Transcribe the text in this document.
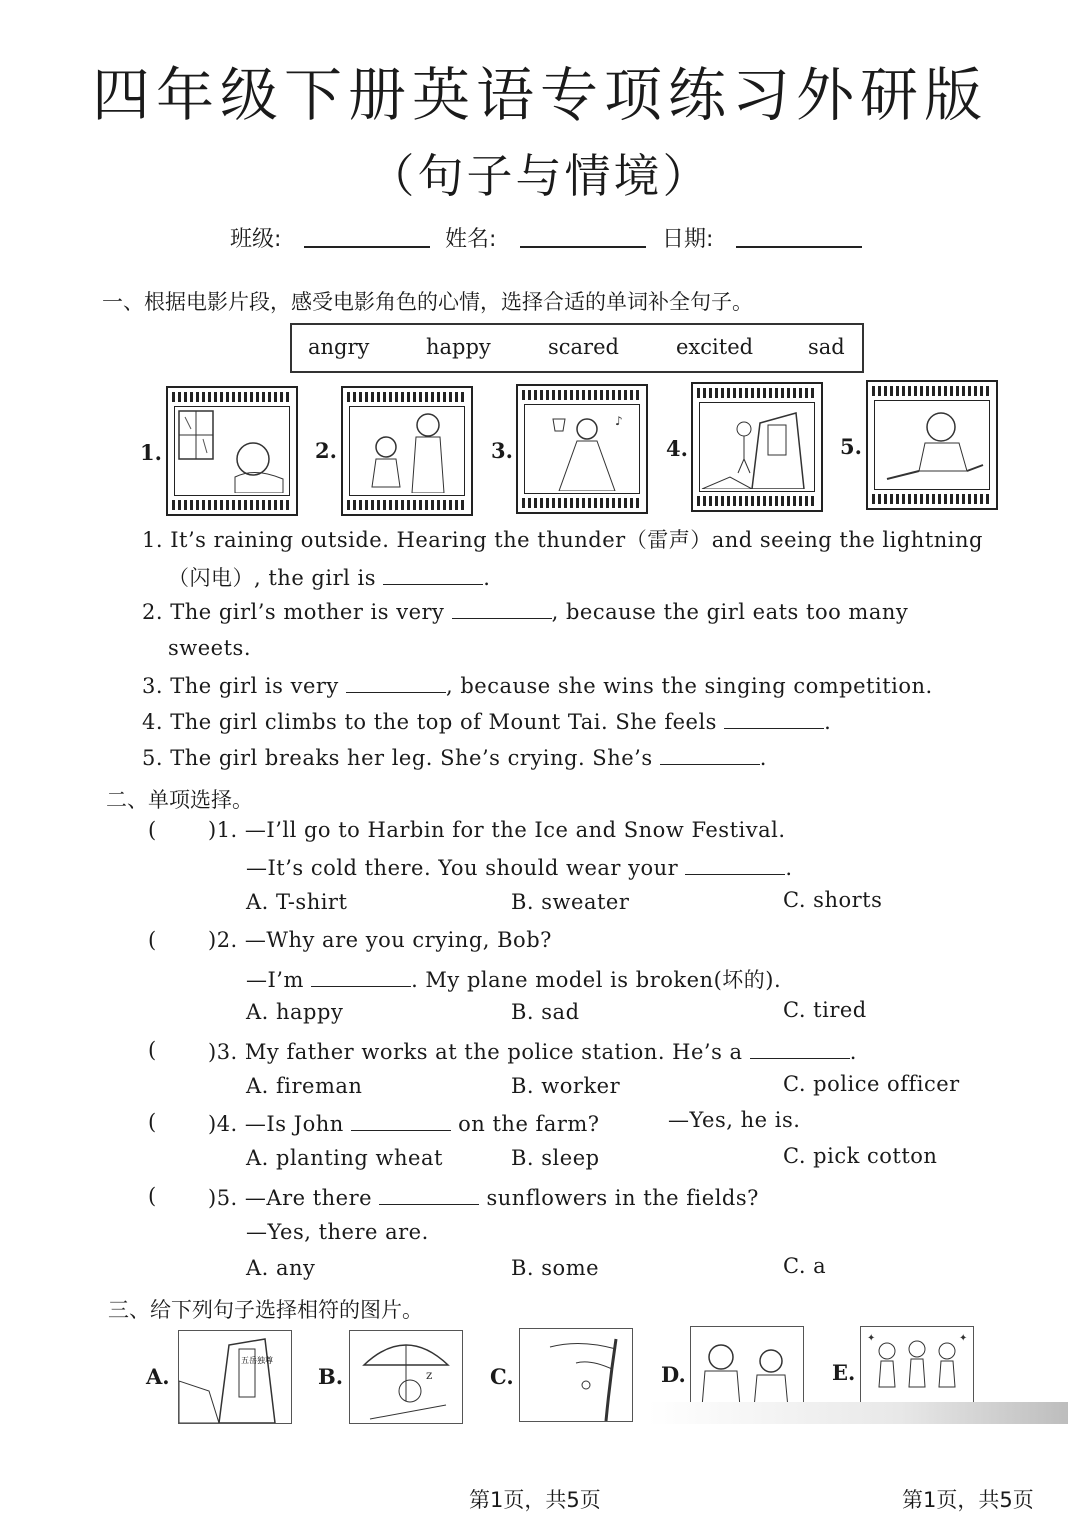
四年级下册英语专项练习外研版
（句子与情境）
班级:	姓名:	日期:
一、根据电影片段，感受电影角色的心情，选择合适的单词补全句子。
angry	happy	scared	excited	sad
1.	2.	3.
♪
4.	5.
1. It’s raining outside. Hearing the thunder（雷声）and seeing the lightning
（闪电）, the girl is	.
2. The girl’s mother is very	, because the girl eats too many
sweets.
3. The girl is very	, because she wins the singing competition.
4. The girl climbs to the top of Mount Tai. She feels	.
5. The girl breaks her leg. She’s crying. She’s	.
二、单项选择。
( )1. —I’ll go to Harbin for the Ice and Snow Festival.
—It’s cold there. You should wear your	.
A. T-shirt	B. sweater	C. shorts
( )2. —Why are you crying, Bob?
—I’m	. My plane model is broken(坏的).
A. happy	B. sad	C. tired
( )3. My father works at the police station. He’s a	.
A. fireman	B. worker	C. police officer
( )4. —Is John	on the farm?	—Yes, he is.
A. planting wheat	B. sleep	C. pick cotton
( )5. —Are there	sunflowers in the fields?
—Yes, there are.
A. any	B. some	C. a
三、给下列句子选择相符的图片。
A.
五岳独尊
B.	z	C.	D.	E.
✦	✦
第1页，共5页	第1页，共5页
